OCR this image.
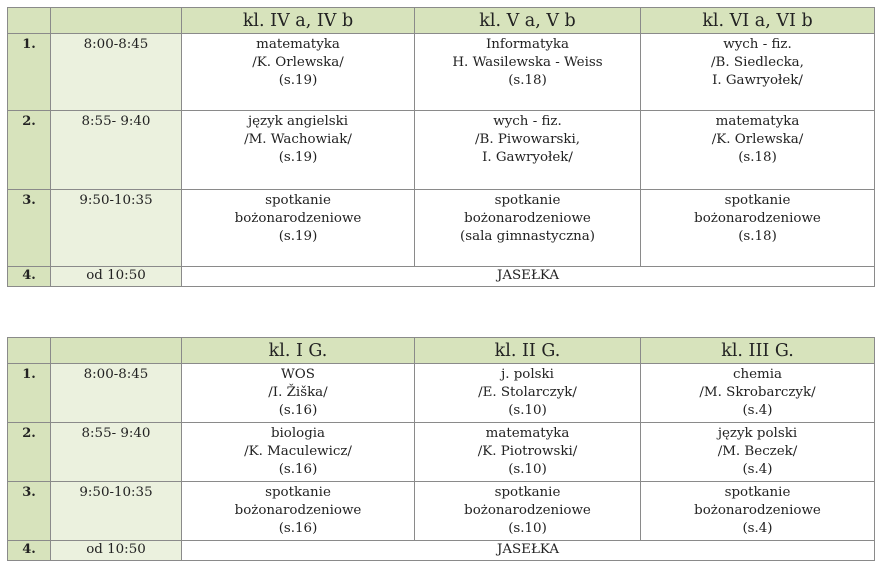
		kl. IV a, IV b	kl. V a, V b	kl. VI a, VI b
1.	8:00-8:45	matematyka
/K. Orlewska/
(s.19)	Informatyka
H. Wasilewska - Weiss
(s.18)	wych - fiz.
/B. Siedlecka,
I. Gawryołek/

2.	8:55- 9:40	język angielski
/M. Wachowiak/
(s.19)	wych - fiz.
/B. Piwowarski,
I. Gawryołek/	matematyka
/K. Orlewska/
(s.18)

3.	9:50-10:35	spotkanie
bożonarodzeniowe
(s.19)	spotkanie
bożonarodzeniowe
(sala gimnastyczna)	spotkanie
bożonarodzeniowe
(s.18)

4.	od 10:50	JASEŁKA		
		kl. I G.	kl. II G.	kl. III G.
1.	8:00-8:45	WOS
/I. Žiška/
(s.16)	j. polski
/E. Stolarczyk/
(s.10)	chemia
/M. Skrobarczyk/
(s.4)

2.	8:55- 9:40	biologia
/K. Maculewicz/
(s.16)	matematyka
/K. Piotrowski/
(s.10)	język polski
/M. Beczek/
(s.4)

3.	9:50-10:35	spotkanie
bożonarodzeniowe
(s.16)	spotkanie
bożonarodzeniowe
(s.10)	spotkanie
bożonarodzeniowe
(s.4)

4.	od 10:50	JASEŁKA		
